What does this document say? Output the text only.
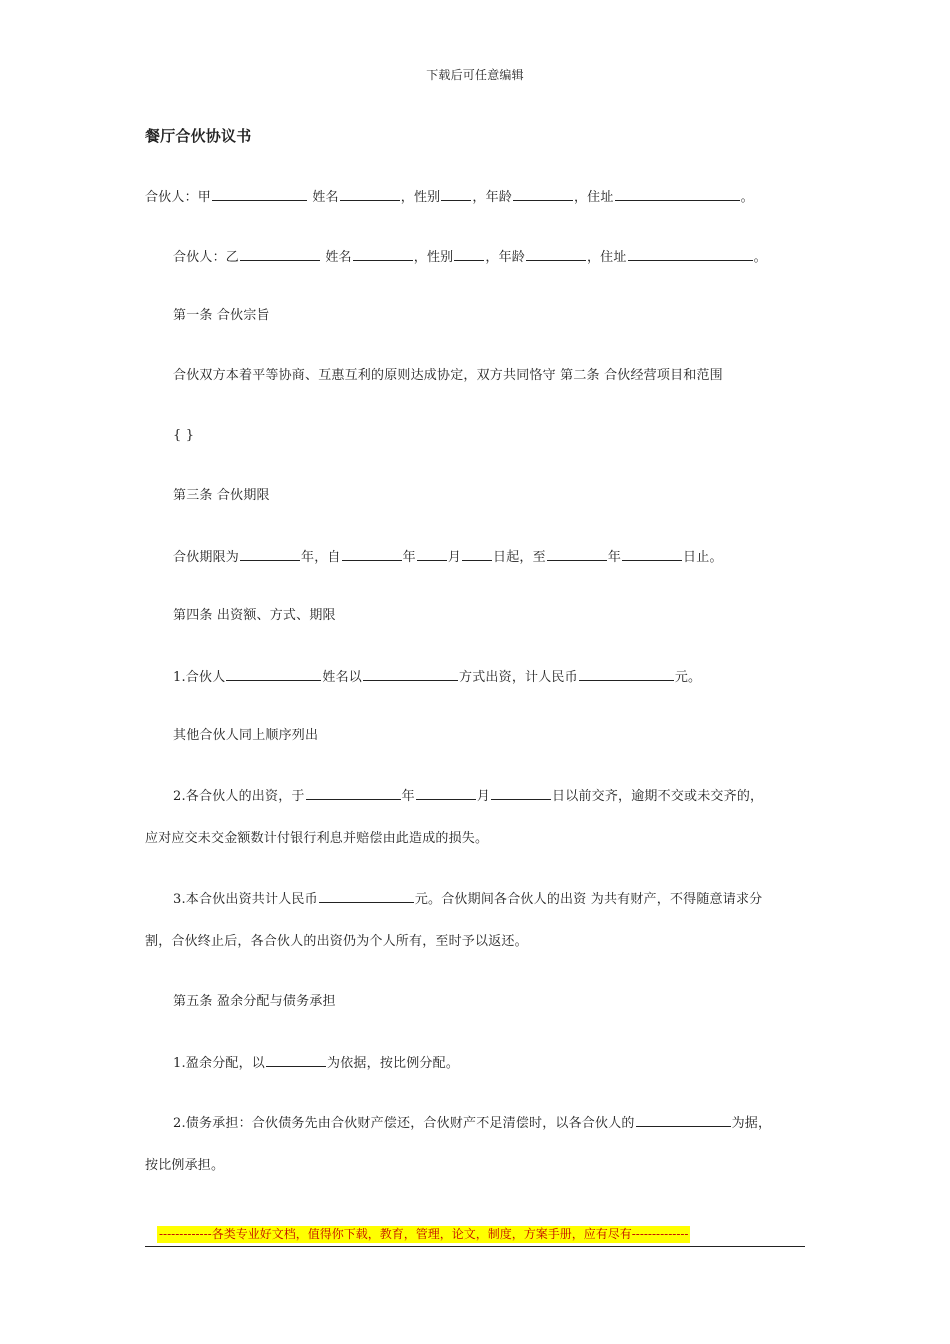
下载后可任意编辑
餐厅合伙协议书
合伙人：甲	姓名	，性别 ，年龄	，住址	。
合伙人：乙	姓名	，性别 ，年龄	，住址	。
第一条 合伙宗旨
合伙双方本着平等协商、互惠互利的原则达成协定，双方共同恪守 第二条 合伙经营项目和范围
{ }
第三条 合伙期限
合伙期限为	年，自	年 月 日起，至	年	日止。
第四条 出资额、方式、期限
1.合伙人	姓名以	方式出资，计人民币	元。
其他合伙人同上顺序列出
2.各合伙人的出资，于	年	月	日以前交齐，逾期不交或未交齐的，
应对应交未交金额数计付银行利息并赔偿由此造成的损失。
3.本合伙出资共计人民币	元。合伙期间各合伙人的出资 为共有财产，不得随意请求分
割，合伙终止后，各合伙人的出资仍为个人所有，至时予以返还。
第五条 盈余分配与债务承担
1.盈余分配，以	为依据，按比例分配。
2.债务承担：合伙债务先由合伙财产偿还，合伙财产不足清偿时，以各合伙人的	为据，
按比例承担。
-------------各类专业好文档，值得你下载，教育，管理，论文，制度，方案手册，应有尽有--------------
